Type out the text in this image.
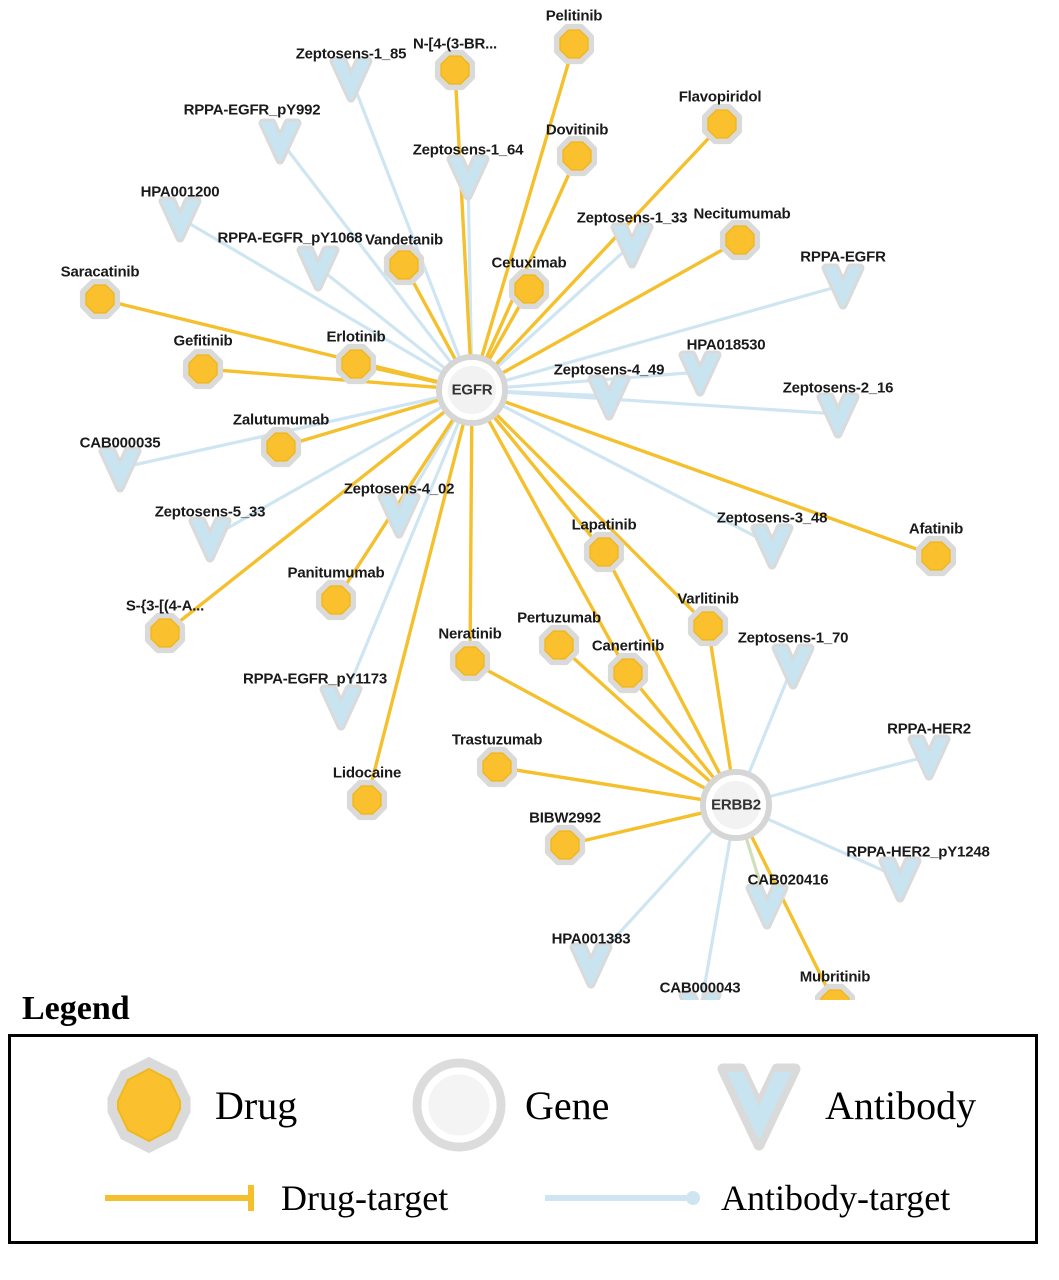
Pelitinib
N-[4-(3-BR...
Flavopiridol
Dovitinib
Necitumumab
Vandetanib
Cetuximab
Saracatinib
Erlotinib
Gefitinib
Zalutumumab
Afatinib
Lapatinib
Panitumumab
Varlitinib
S-{3-[(4-A...
Pertuzumab
Neratinib
Canertinib
Trastuzumab
Lidocaine
BIBW2992
Mubritinib
Zeptosens-1_85
RPPA-EGFR_pY992
Zeptosens-1_64
HPA001200
Zeptosens-1_33
RPPA-EGFR_pY1068
RPPA-EGFR
HPA018530
Zeptosens-4_49
Zeptosens-2_16
CAB000035
Zeptosens-4_02
Zeptosens-5_33	Zeptosens-3_48
Zeptosens-1_70
RPPA-EGFR_pY1173
RPPA-HER2
RPPA-HER2_pY1248
CAB020416
HPA001383
CAB000043
EGFR
ERBB2
Legend
Drug	Gene	Antibody
Drug-target	Antibody-target
